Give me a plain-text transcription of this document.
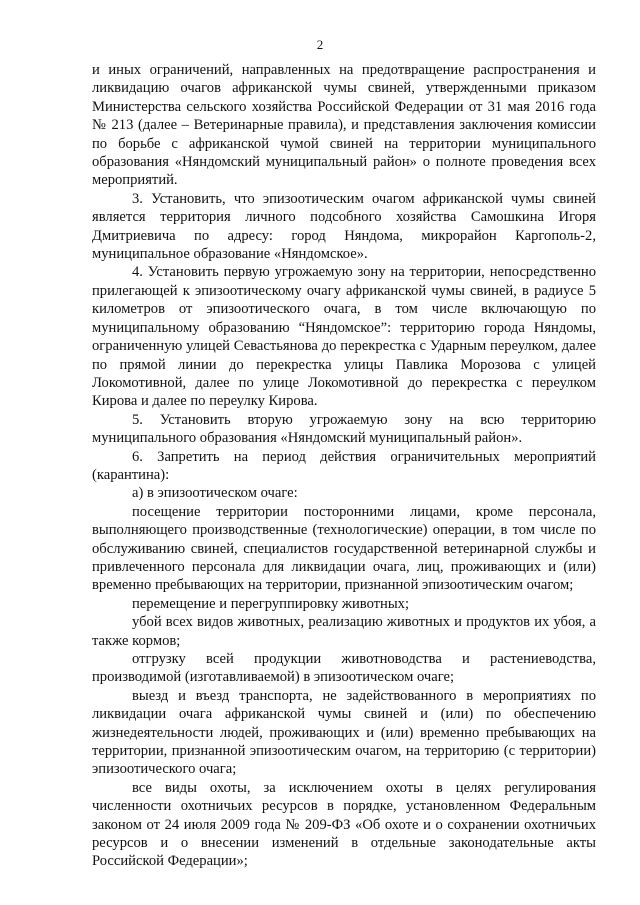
2

и иных ограничений, направленных на предотвращение распространения и ликвидацию очагов африканской чумы свиней, утвержденными приказом Министерства сельского хозяйства Российской Федерации от 31 мая 2016 года № 213 (далее – Ветеринарные правила), и представления заключения комиссии по борьбе с африканской чумой свиней на территории муниципального образования «Няндомский муниципальный район» о полноте проведения всех мероприятий.

3. Установить, что эпизоотическим очагом африканской чумы свиней является территория личного подсобного хозяйства Самошкина Игоря Дмитриевича по адресу: город Няндома, микрорайон Каргополь-2, муниципальное образование «Няндомское».

4. Установить первую угрожаемую зону на территории, непосредственно прилегающей к эпизоотическому очагу африканской чумы свиней, в радиусе 5 километров от эпизоотического очага, в том числе включающую по муниципальному образованию “Няндомское”: территорию города Няндомы, ограниченную улицей Севастьянова до перекрестка с Ударным переулком, далее по прямой линии до перекрестка улицы Павлика Морозова с улицей Локомотивной, далее по улице Локомотивной до перекрестка с переулком Кирова и далее по переулку Кирова.

5. Установить вторую угрожаемую зону на всю территорию муниципального образования «Няндомский муниципальный район».

6. Запретить на период действия ограничительных мероприятий (карантина):

а) в эпизоотическом очаге:

посещение территории посторонними лицами, кроме персонала, выполняющего производственные (технологические) операции, в том числе по обслуживанию свиней, специалистов государственной ветеринарной службы и привлеченного персонала для ликвидации очага, лиц, проживающих и (или) временно пребывающих на территории, признанной эпизоотическим очагом;

перемещение и перегруппировку животных;

убой всех видов животных, реализацию животных и продуктов их убоя, а также кормов;

отгрузку всей продукции животноводства и растениеводства, производимой (изготавливаемой) в эпизоотическом очаге;

выезд и въезд транспорта, не задействованного в мероприятиях по ликвидации очага африканской чумы свиней и (или) по обеспечению жизнедеятельности людей, проживающих и (или) временно пребывающих на территории, признанной эпизоотическим очагом, на территорию (с территории) эпизоотического очага;

все виды охоты, за исключением охоты в целях регулирования численности охотничьих ресурсов в порядке, установленном Федеральным законом от 24 июля 2009 года № 209-ФЗ «Об охоте и о сохранении охотничьих ресурсов и о внесении изменений в отдельные законодательные акты Российской Федерации»;
